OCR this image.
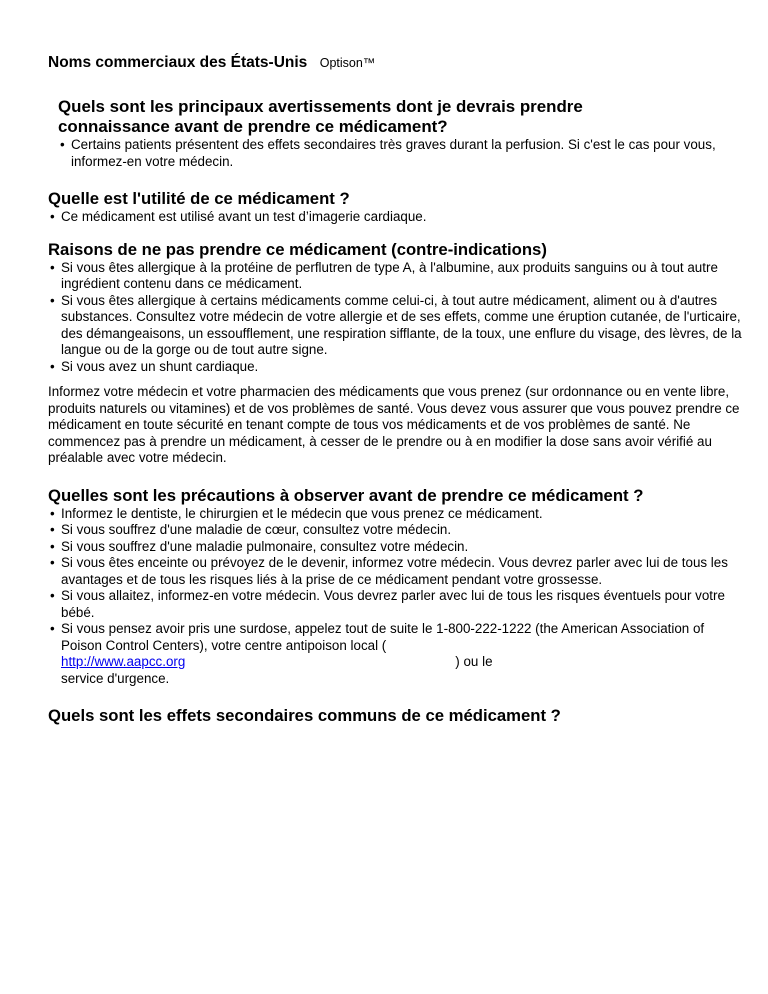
Noms commerciaux des États-Unis Optison™
Quels sont les principaux avertissements dont je devrais prendre
connaissance avant de prendre ce médicament?
• Certains patients présentent des effets secondaires très graves durant la perfusion. Si c'est le cas pour vous, informez-en votre médecin.
Quelle est l'utilité de ce médicament ?
• Ce médicament est utilisé avant un test d’imagerie cardiaque.
Raisons de ne pas prendre ce médicament (contre-indications)
• Si vous êtes allergique à la protéine de perflutren de type A, à l'albumine, aux produits sanguins ou à tout autre ingrédient contenu dans ce médicament.
• Si vous êtes allergique à certains médicaments comme celui-ci, à tout autre médicament, aliment ou à d'autres substances. Consultez votre médecin de votre allergie et de ses effets, comme une éruption cutanée, de l'urticaire, des démangeaisons, un essoufflement, une respiration sifflante, de la toux, une enflure du visage, des lèvres, de la langue ou de la gorge ou de tout autre signe.
• Si vous avez un shunt cardiaque.
Informez votre médecin et votre pharmacien des médicaments que vous prenez (sur ordonnance ou en vente libre, produits naturels ou vitamines) et de vos problèmes de santé. Vous devez vous assurer que vous pouvez prendre ce médicament en toute sécurité en tenant compte de tous vos médicaments et de vos problèmes de santé. Ne commencez pas à prendre un médicament, à cesser de le prendre ou à en modifier la dose sans avoir vérifié au préalable avec votre médecin.
Quelles sont les précautions à observer avant de prendre ce médicament ?
• Informez le dentiste, le chirurgien et le médecin que vous prenez ce médicament.
• Si vous souffrez d'une maladie de cœur, consultez votre médecin.
• Si vous souffrez d'une maladie pulmonaire, consultez votre médecin.
• Si vous êtes enceinte ou prévoyez de le devenir, informez votre médecin. Vous devrez parler avec lui de tous les avantages et de tous les risques liés à la prise de ce médicament pendant votre grossesse.
• Si vous allaitez, informez-en votre médecin. Vous devrez parler avec lui de tous les risques éventuels pour votre bébé.
• Si vous pensez avoir pris une surdose, appelez tout de suite le 1-800-222-1222 (the American Association of Poison Control Centers), votre centre antipoison local (
http://www.aapcc.org	) ou le
service d'urgence.
Quels sont les effets secondaires communs de ce médicament ?
